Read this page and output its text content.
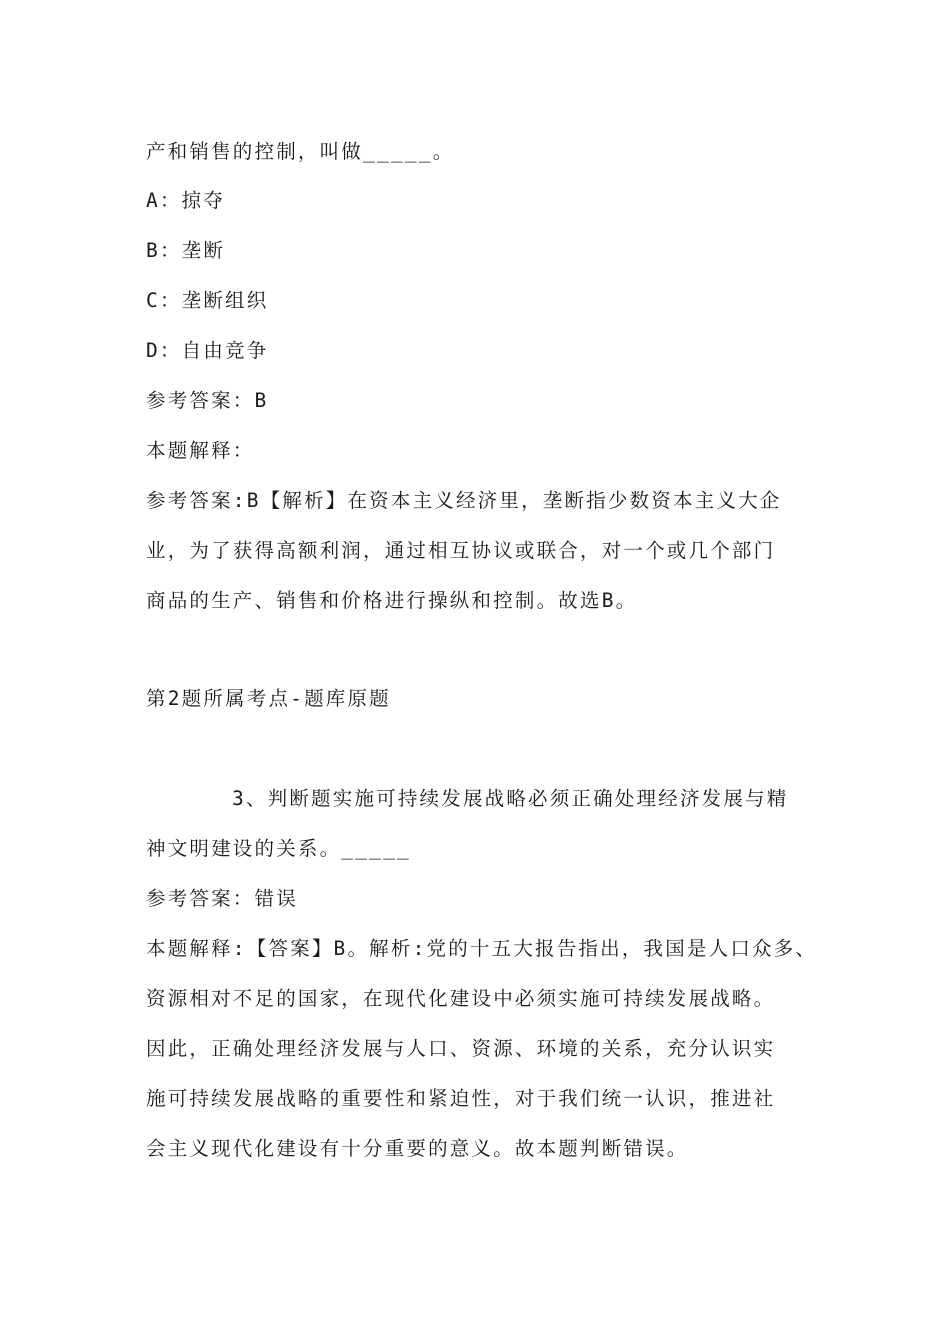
产和销售的控制，叫做_____。
A：掠夺
B：垄断
C：垄断组织
D：自由竞争
参考答案：B
本题解释：
参考答案:B【解析】在资本主义经济里，垄断指少数资本主义大企
业，为了获得高额利润，通过相互协议或联合，对一个或几个部门
商品的生产、销售和价格进行操纵和控制。故选B。
第2题所属考点-题库原题
3、判断题实施可持续发展战略必须正确处理经济发展与精
神文明建设的关系。_____
参考答案：错误
本题解释:【答案】B。解析:党的十五大报告指出，我国是人口众多、
资源相对不足的国家，在现代化建设中必须实施可持续发展战略。
因此，正确处理经济发展与人口、资源、环境的关系，充分认识实
施可持续发展战略的重要性和紧迫性，对于我们统一认识，推进社
会主义现代化建设有十分重要的意义。故本题判断错误。
